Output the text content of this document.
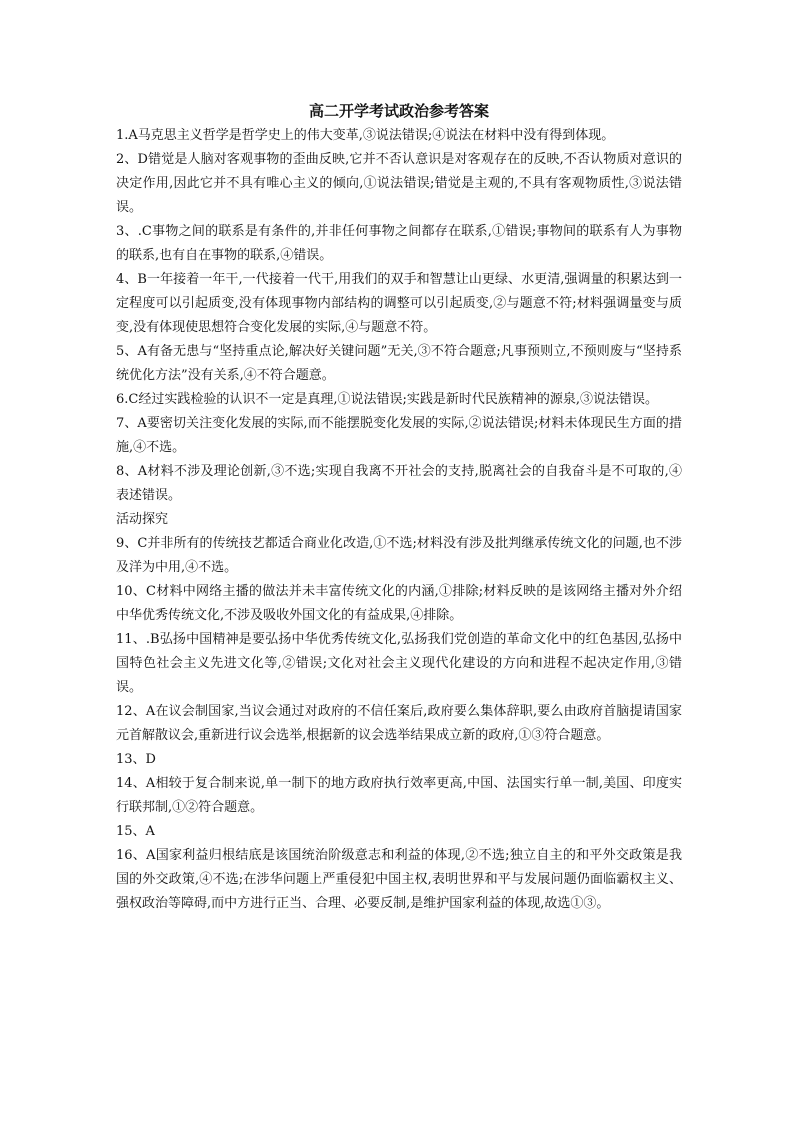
高二开学考试政治参考答案

1.A马克思主义哲学是哲学史上的伟大变革,③说法错误;④说法在材料中没有得到体现。

2、D错觉是人脑对客观事物的歪曲反映,它并不否认意识是对客观存在的反映,不否认物质对意识的决定作用,因此它并不具有唯心主义的倾向,①说法错误;错觉是主观的,不具有客观物质性,③说法错误。

3、.C事物之间的联系是有条件的,并非任何事物之间都存在联系,①错误;事物间的联系有人为事物的联系,也有自在事物的联系,④错误。

4、B一年接着一年干,一代接着一代干,用我们的双手和智慧让山更绿、水更清,强调量的积累达到一定程度可以引起质变,没有体现事物内部结构的调整可以引起质变,②与题意不符;材料强调量变与质变,没有体现使思想符合变化发展的实际,④与题意不符。

5、A有备无患与“坚持重点论,解决好关键问题”无关,③不符合题意;凡事预则立,不预则废与“坚持系统优化方法”没有关系,④不符合题意。

6.C经过实践检验的认识不一定是真理,①说法错误;实践是新时代民族精神的源泉,③说法错误。

7、A要密切关注变化发展的实际,而不能摆脱变化发展的实际,②说法错误;材料未体现民生方面的措施,④不选。

8、A材料不涉及理论创新,③不选;实现自我离不开社会的支持,脱离社会的自我奋斗是不可取的,④表述错误。

活动探究

9、C并非所有的传统技艺都适合商业化改造,①不选;材料没有涉及批判继承传统文化的问题,也不涉及洋为中用,④不选。

10、C材料中网络主播的做法并未丰富传统文化的内涵,①排除;材料反映的是该网络主播对外介绍中华优秀传统文化,不涉及吸收外国文化的有益成果,④排除。

11、.B弘扬中国精神是要弘扬中华优秀传统文化,弘扬我们党创造的革命文化中的红色基因,弘扬中国特色社会主义先进文化等,②错误;文化对社会主义现代化建设的方向和进程不起决定作用,③错误。

12、A在议会制国家,当议会通过对政府的不信任案后,政府要么集体辞职,要么由政府首脑提请国家元首解散议会,重新进行议会选举,根据新的议会选举结果成立新的政府,①③符合题意。

13、D

14、A相较于复合制来说,单一制下的地方政府执行效率更高,中国、法国实行单一制,美国、印度实行联邦制,①②符合题意。

15、A

16、A国家利益归根结底是该国统治阶级意志和利益的体现,②不选;独立自主的和平外交政策是我国的外交政策,④不选;在涉华问题上严重侵犯中国主权,表明世界和平与发展问题仍面临霸权主义、强权政治等障碍,而中方进行正当、合理、必要反制,是维护国家利益的体现,故选①③。
